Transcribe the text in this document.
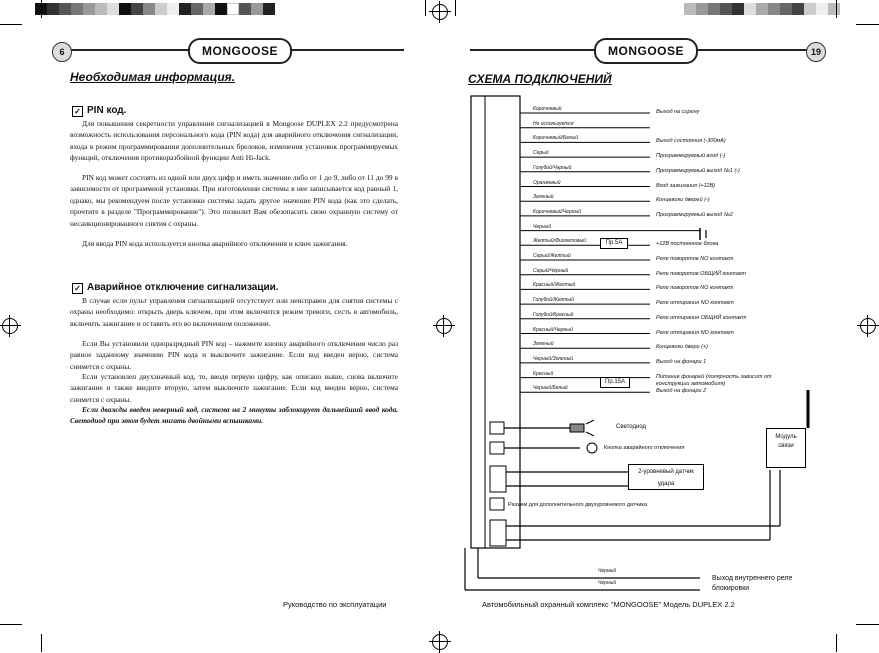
6	MONGOOSE
Необходимая информация.
✓ PIN код.

Для повышения секретности управления сигнализацией в Mongoose DUPLEX 2.2 предусмотрена возможность использования персонального кода (PIN кода) для аварийного отключения сигнализации, входа в режим программирования дополнительных брелоков, изменения установок программируемых функций, отключения противоразбойной функции Anti Hi-Jack.

PIN код может состоять из одной или двух цифр и иметь значение либо от 1 до 9, либо от 11 до 99 в зависимости от программной установки. При изготовлении системы в нее записывается код равный 1, однако, мы рекомендуем после установки системы задать другое значение PIN кода (как это сделать, прочтите в разделе "Программирование"). Это позволит Вам обезопасить свою охранную систему от несанкционированного снятия с охраны.

Для ввода PIN кода используется кнопка аварийного отключения и ключ зажигания.

✓ Аварийное отключение сигнализации.

В случае если пульт управления сигнализацией отсутствует или неисправен для снятия системы с охраны необходимо: открыть дверь ключом, при этом включится режим тревоги, сесть в автомобиль, включить зажигание и оставить его во включенном положении.

Если Вы установили одноразрядный PIN код – нажмите кнопку аварийного отключения число раз равное заданному значению PIN кода и выключите зажигание. Если код введен верно, система снимется с охраны.

Если установлен двухзначный код, то, вводя первую цифру, как описано выше, снова включите зажигание и также введите вторую, затем выключите зажигание. Если код введен верно, система снимется с охраны.

Если дважды введен неверный код, система на 2 минуты заблокирует дальнейший ввод кода. Светодиод при этом будет мигать двойными вспышками.

Руководство по эксплуатации
MONGOOSE	19
СХЕМА ПОДКЛЮЧЕНИЙ
Коричневый	Выход на сирену
Не используется
Коричневый/Белый	Выход состояния (-300мА)
Серый	Программируемый вход (-)
Голубой/Черный	Программируемый выход №1 (-)
Оранжевый	Вход зажигания (+12В)
Зеленый	Концевики дверей (-)
Коричневый/Черный	Программируемый выход №2
Черный
Желтый/Фиолетовый	+12В постоянное блока
Серый/Желтый	Реле поворотов NO контакт
Серый/Черный	Реле поворотов ОБЩИЙ контакт
Красный/Желтый	Реле поворотов NO контакт
Голубой/Желтый	Реле отпирания NO контакт
Голубой/Красный	Реле отпирания ОБЩИЙ контакт
Красный/Черный	Реле отпирания NO контакт
Зеленый	Концевики двери (+)
Черный/Зеленый	Выход на фонари 1
Красный	Питание фонарей (полярность зависит от конструкции автомобиля)
Черный/Белый	Выход на фонари 2
Пр.5А
Пр.15А
Светодиод
Кнопка аварийного отключения
2-уровневый датчик удара
Модуль связи
Разъем для дополнительного двухуровневого датчика
Черный
Черный
Выход внутреннего реле блокировки
Автомобильный охранный комплекс "MONGOOSE" Модель DUPLEX 2.2
